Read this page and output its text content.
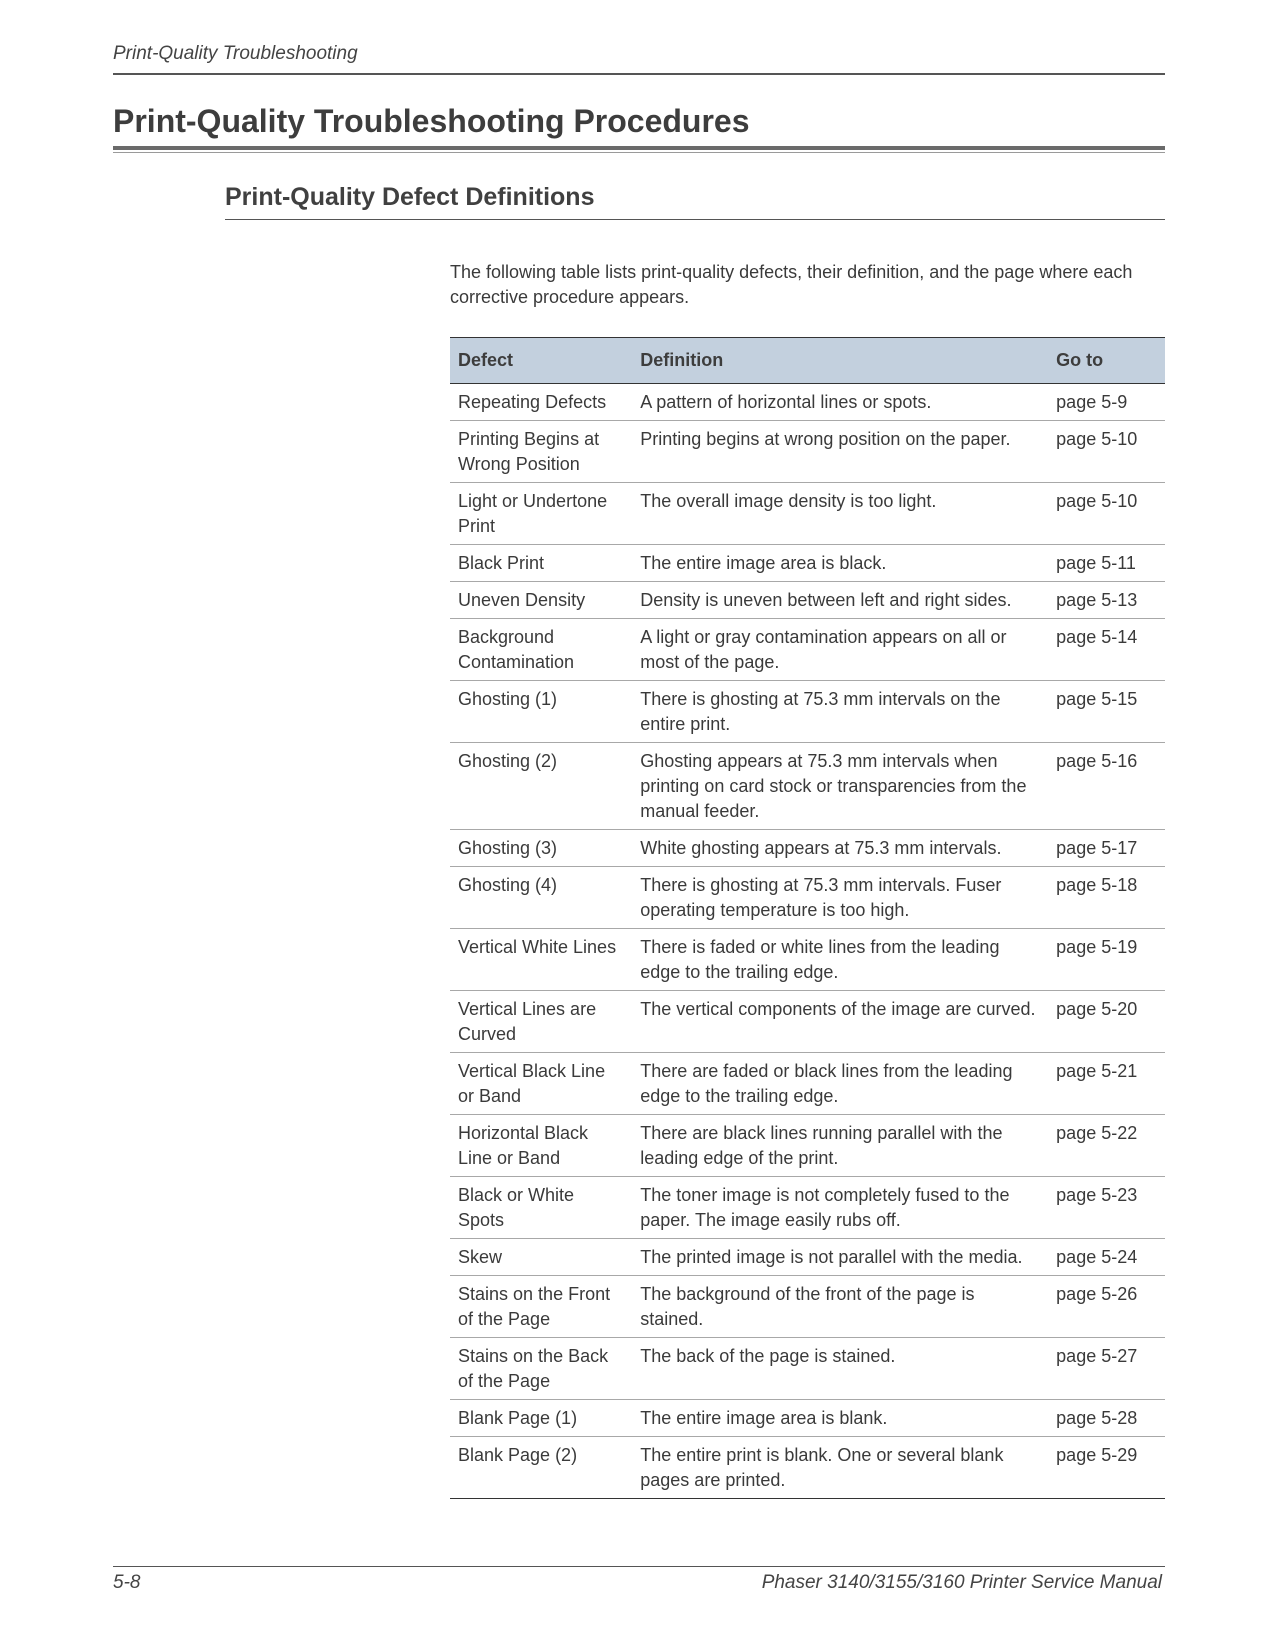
Print-Quality Troubleshooting
Print-Quality Troubleshooting Procedures
Print-Quality Defect Definitions
The following table lists print-quality defects, their definition, and the page where each corrective procedure appears.
Defect	Definition	Go to
Repeating Defects	A pattern of horizontal lines or spots.	page 5-9
Printing Begins at Wrong Position	Printing begins at wrong position on the paper.	page 5-10
Light or Undertone Print	The overall image density is too light.	page 5-10
Black Print	The entire image area is black.	page 5-11
Uneven Density	Density is uneven between left and right sides.	page 5-13
Background Contamination	A light or gray contamination appears on all or most of the page.	page 5-14
Ghosting (1)	There is ghosting at 75.3 mm intervals on the entire print.	page 5-15
Ghosting (2)	Ghosting appears at 75.3 mm intervals when printing on card stock or transparencies from the manual feeder.	page 5-16
Ghosting (3)	White ghosting appears at 75.3 mm intervals.	page 5-17
Ghosting (4)	There is ghosting at 75.3 mm intervals. Fuser operating temperature is too high.	page 5-18
Vertical White Lines	There is faded or white lines from the leading edge to the trailing edge.	page 5-19
Vertical Lines are Curved	The vertical components of the image are curved.	page 5-20
Vertical Black Line or Band	There are faded or black lines from the leading edge to the trailing edge.	page 5-21
Horizontal Black Line or Band	There are black lines running parallel with the leading edge of the print.	page 5-22
Black or White Spots	The toner image is not completely fused to the paper. The image easily rubs off.	page 5-23
Skew	The printed image is not parallel with the media.	page 5-24
Stains on the Front of the Page	The background of the front of the page is stained.	page 5-26
Stains on the Back of the Page	The back of the page is stained.	page 5-27
Blank Page (1)	The entire image area is blank.	page 5-28
Blank Page (2)	The entire print is blank. One or several blank pages are printed.	page 5-29
5-8	Phaser 3140/3155/3160 Printer Service Manual
